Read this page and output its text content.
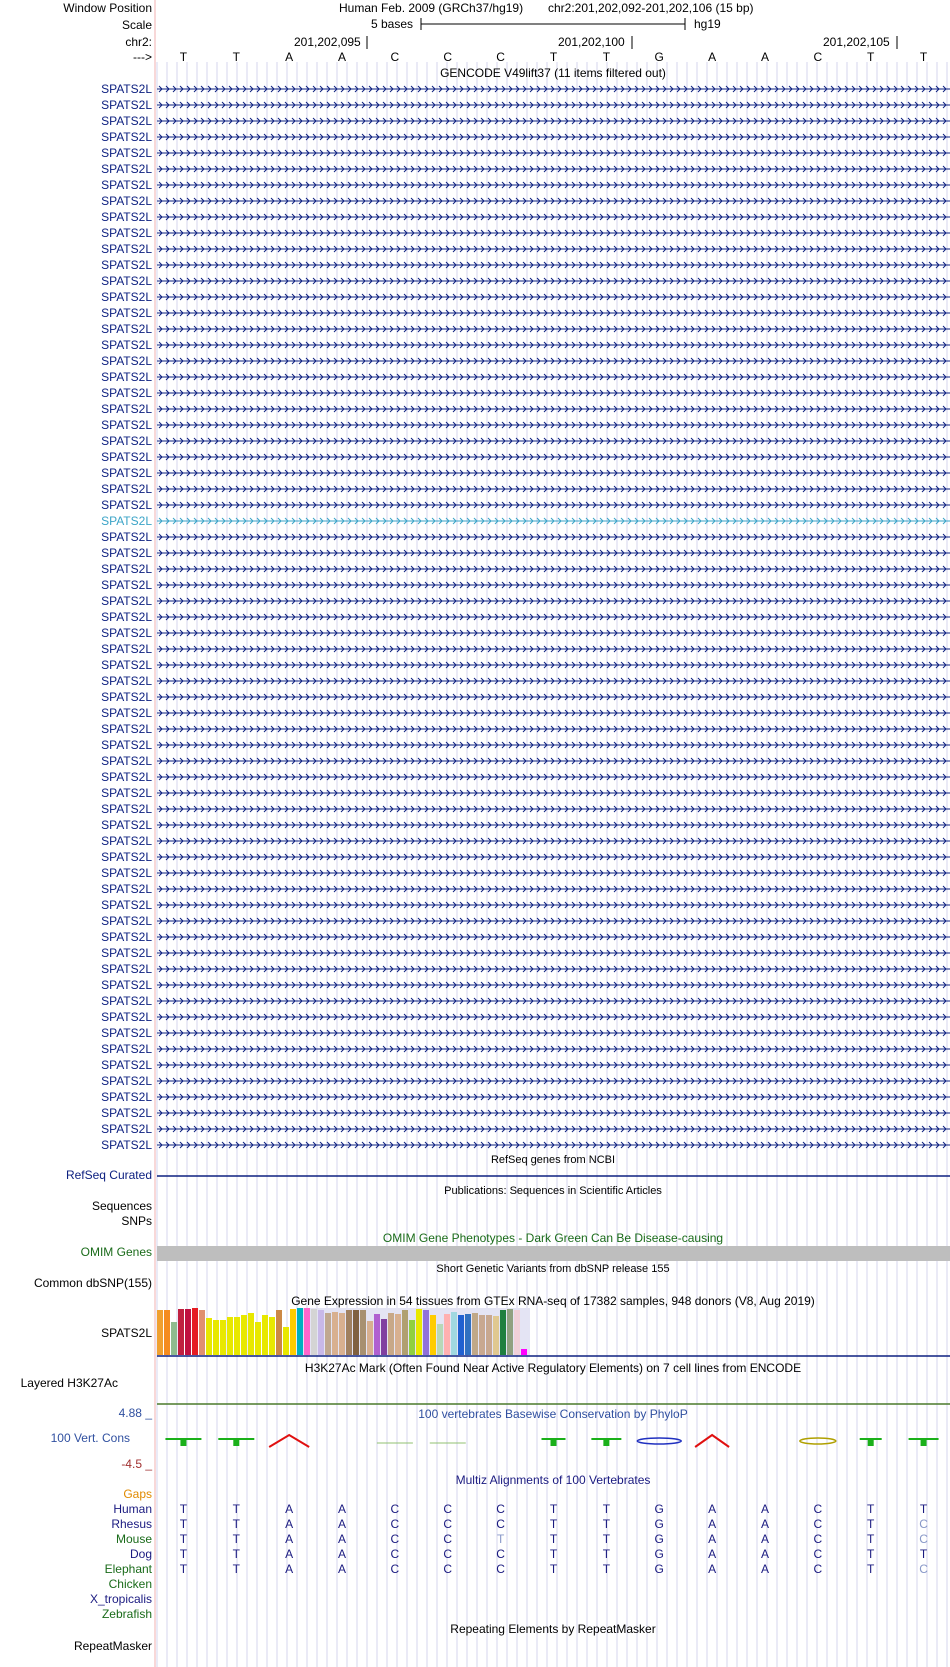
Window Position
Scale
chr2:
--->
Human Feb. 2009 (GRCh37/hg19) chr2:201,202,092-201,202,106 (15 bp)
5 bases	hg19
201,202,095	201,202,100	201,202,105
T	T	A	A	C	C	C	T	T	G	A	A	C	T	T
GENCODE V49lift37 (11 items filtered out)
SPATS2L
SPATS2L
SPATS2L
SPATS2L
SPATS2L
SPATS2L
SPATS2L
SPATS2L
SPATS2L
SPATS2L
SPATS2L
SPATS2L
SPATS2L
SPATS2L
SPATS2L
SPATS2L
SPATS2L
SPATS2L
SPATS2L
SPATS2L
SPATS2L
SPATS2L
SPATS2L
SPATS2L
SPATS2L
SPATS2L
SPATS2L
SPATS2L
SPATS2L
SPATS2L
SPATS2L
SPATS2L
SPATS2L
SPATS2L
SPATS2L
SPATS2L
SPATS2L
SPATS2L
SPATS2L
SPATS2L
SPATS2L
SPATS2L
SPATS2L
SPATS2L
SPATS2L
SPATS2L
SPATS2L
SPATS2L
SPATS2L
SPATS2L
SPATS2L
SPATS2L
SPATS2L
SPATS2L
SPATS2L
SPATS2L
SPATS2L
SPATS2L
SPATS2L
SPATS2L
SPATS2L
SPATS2L
SPATS2L
SPATS2L
SPATS2L
SPATS2L
SPATS2L
RefSeq genes from NCBI
RefSeq Curated
Publications: Sequences in Scientific Articles
Sequences
SNPs
OMIM Gene Phenotypes - Dark Green Can Be Disease-causing
OMIM Genes
Short Genetic Variants from dbSNP release 155
Common dbSNP(155)
Gene Expression in 54 tissues from GTEx RNA-seq of 17382 samples, 948 donors (V8, Aug 2019)
SPATS2L
H3K27Ac Mark (Often Found Near Active Regulatory Elements) on 7 cell lines from ENCODE
Layered H3K27Ac
100 vertebrates Basewise Conservation by PhyloP
4.88 _
100 Vert. Cons
-4.5 _
Multiz Alignments of 100 Vertebrates
Gaps
Human T	T	A	A	C	C	C	T	T	G	A	A	C	T	T
Rhesus T	T	A	A	C	C	C	T	T	G	A	A	C	T	C
Mouse T	T	A	A	C	C	T	T	T	G	A	A	C	T	C
Dog T	T	A	A	C	C	C	T	T	G	A	A	C	T	T
Elephant T	T	A	A	C	C	C	T	T	G	A	A	C	T	C
Chicken
X_tropicalis
Zebrafish
Repeating Elements by RepeatMasker
RepeatMasker
